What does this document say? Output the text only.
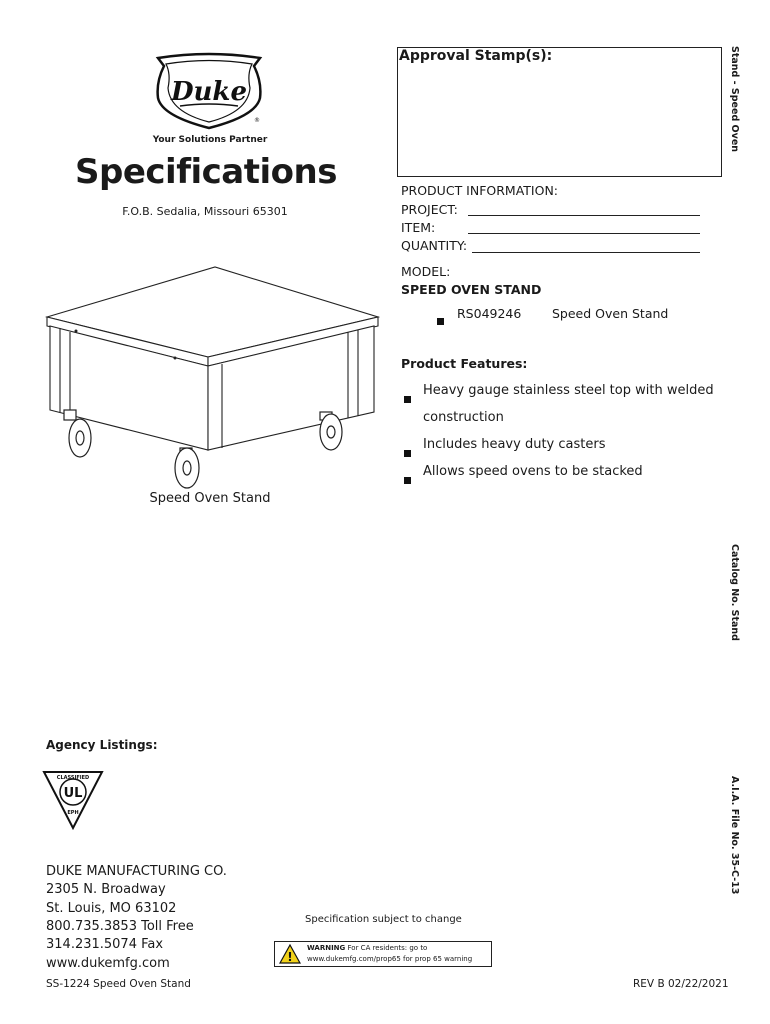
Duke
®
Your Solutions Partner
Specifications
F.O.B. Sedalia, Missouri 65301
Speed Oven Stand
Approval Stamp(s):	Stand - Speed Oven
Catalog No. Stand
A.I.A. File No. 35-C-13
PRODUCT INFORMATION:
PROJECT:
ITEM:
QUANTITY:
MODEL:
SPEED OVEN STAND
RS049246 Speed Oven Stand
Product Features:
Heavy gauge stainless steel top with welded
construction
Includes heavy duty casters
Allows speed ovens to be stacked
Agency Listings:
UL
CLASSIFIED
EPH
DUKE MANUFACTURING CO.
2305 N. Broadway
St. Louis, MO 63102
800.735.3853 Toll Free
314.231.5074 Fax
www.dukemfg.com
Specification subject to change
!
WARNING For CA residents: go to
www.dukemfg.com/prop65 for prop 65 warning
SS-1224 Speed Oven Stand	REV B 02/22/2021
